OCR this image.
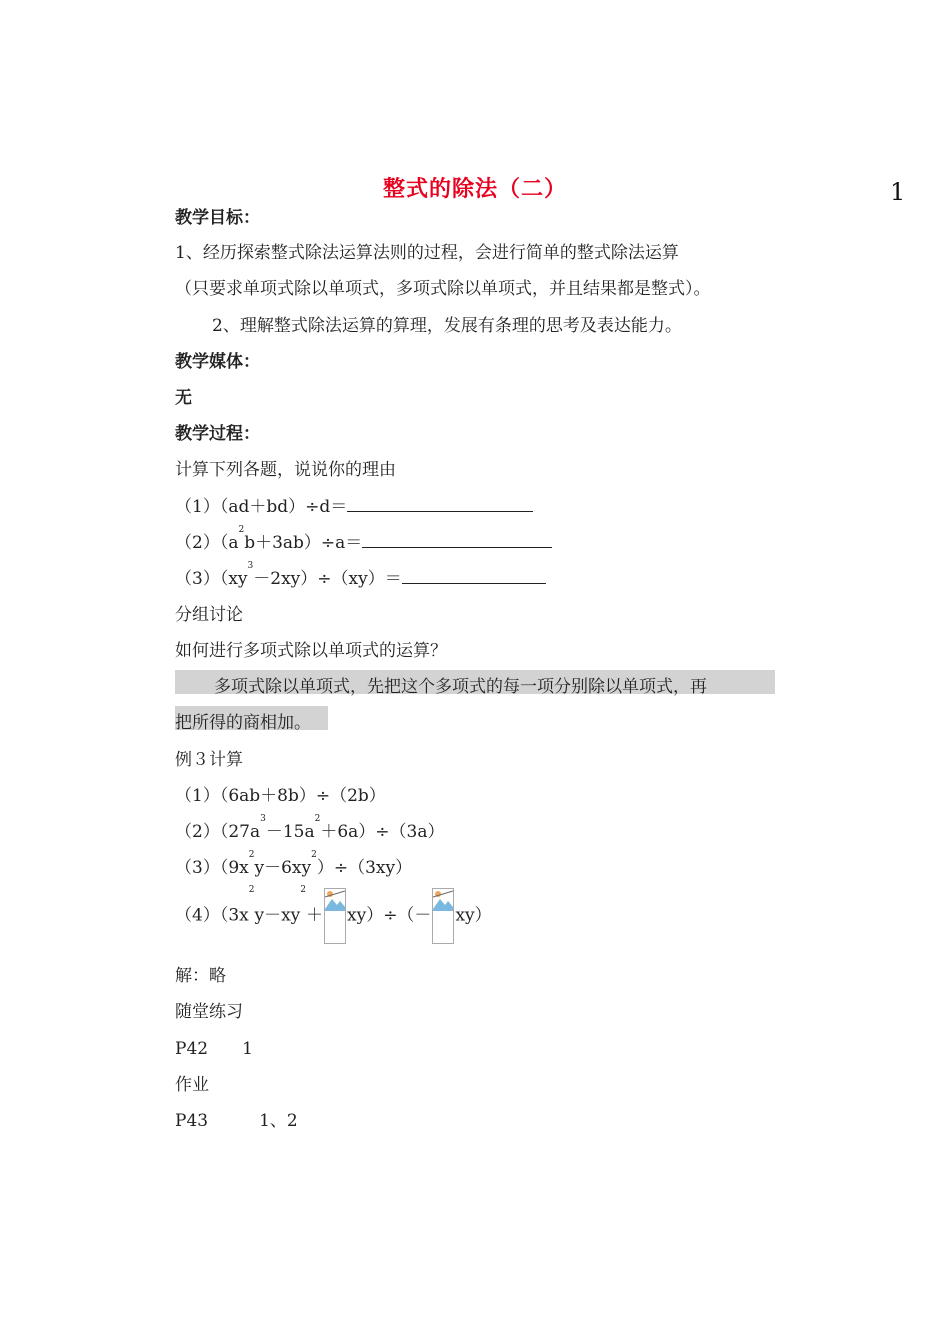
整式的除法（二）	1
教学目标：
1、经历探索整式除法运算法则的过程，会进行简单的整式除法运算
（只要求单项式除以单项式，多项式除以单项式，并且结果都是整式）。
2、理解整式除法运算的算理，发展有条理的思考及表达能力。
教学媒体：
无
教学过程：
计算下列各题，说说你的理由
（1）（ad＋bd）÷d＝
$(2)(a^2b+3ab)\div a=$
$(3)(xy^3-2xy)\div(xy)=$
分组讨论
如何进行多项式除以单项式的运算？
多项式除以单项式，先把这个多项式的每一项分别除以单项式，再
把所得的商相加。
例３计算
（1）（6ab＋8b）÷（2b）
$(2)(27a^3-15a^2+6a)\div(3a)$
$(3)(9x^2y-6xy^2)\div(3xy)$
$(4)(3x^2y-xy^2+ xy)\div(- xy)$
解：略
随堂练习
P42　　1
作业
P43　　　1、2
